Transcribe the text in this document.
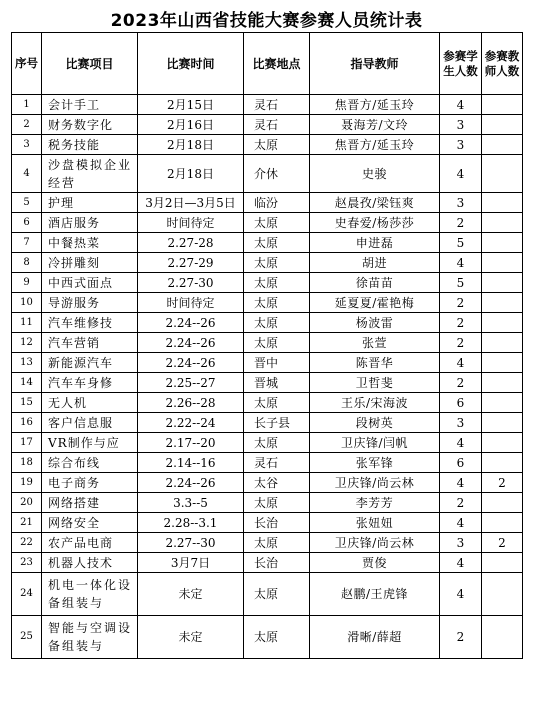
2023年山西省技能大赛参赛人员统计表
序号	比赛项目	比赛时间	比赛地点	指导教师	参赛学生人数	参赛教师人数
1	会计手工	2月15日	灵石	焦晋方/延玉玲	4	
2	财务数字化	2月16日	灵石	聂海芳/文玲	3	
3	税务技能	2月18日	太原	焦晋方/延玉玲	3	
4	沙盘模拟企业经营	2月18日	介休	史骏	4	
5	护理	3月2日—3月5日	临汾	赵晨孜/梁钰爽	3	
6	酒店服务	时间待定	太原	史春爱/杨莎莎	2	
7	中餐热菜	2.27-28	太原	申进磊	5	
8	冷拼雕刻	2.27-29	太原	胡进	4	
9	中西式面点	2.27-30	太原	徐苗苗	5	
10	导游服务	时间待定	太原	延夏夏/霍艳梅	2	
11	汽车维修技	2.24--26	太原	杨波雷	2	
12	汽车营销	2.24--26	太原	张萱	2	
13	新能源汽车	2.24--26	晋中	陈晋华	4	
14	汽车车身修	2.25--27	晋城	卫哲斐	2	
15	无人机	2.26--28	太原	王乐/宋海波	6	
16	客户信息服	2.22--24	长子县	段树英	3	
17	VR制作与应	2.17--20	太原	卫庆锋/闫帆	4	
18	综合布线	2.14--16	灵石	张军锋	6	
19	电子商务	2.24--26	太谷	卫庆锋/尚云林	4	2
20	网络搭建	3.3--5	太原	李芳芳	2	
21	网络安全	2.28--3.1	长治	张妞妞	4	
22	农产品电商	2.27--30	太原	卫庆锋/尚云林	3	2
23	机器人技术	3月7日	长治	贾俊	4	
24	机电一体化设备组装与	未定	太原	赵鹏/王虎锋	4	
25	智能与空调设备组装与	未定	太原	滑晰/薛超	2	
